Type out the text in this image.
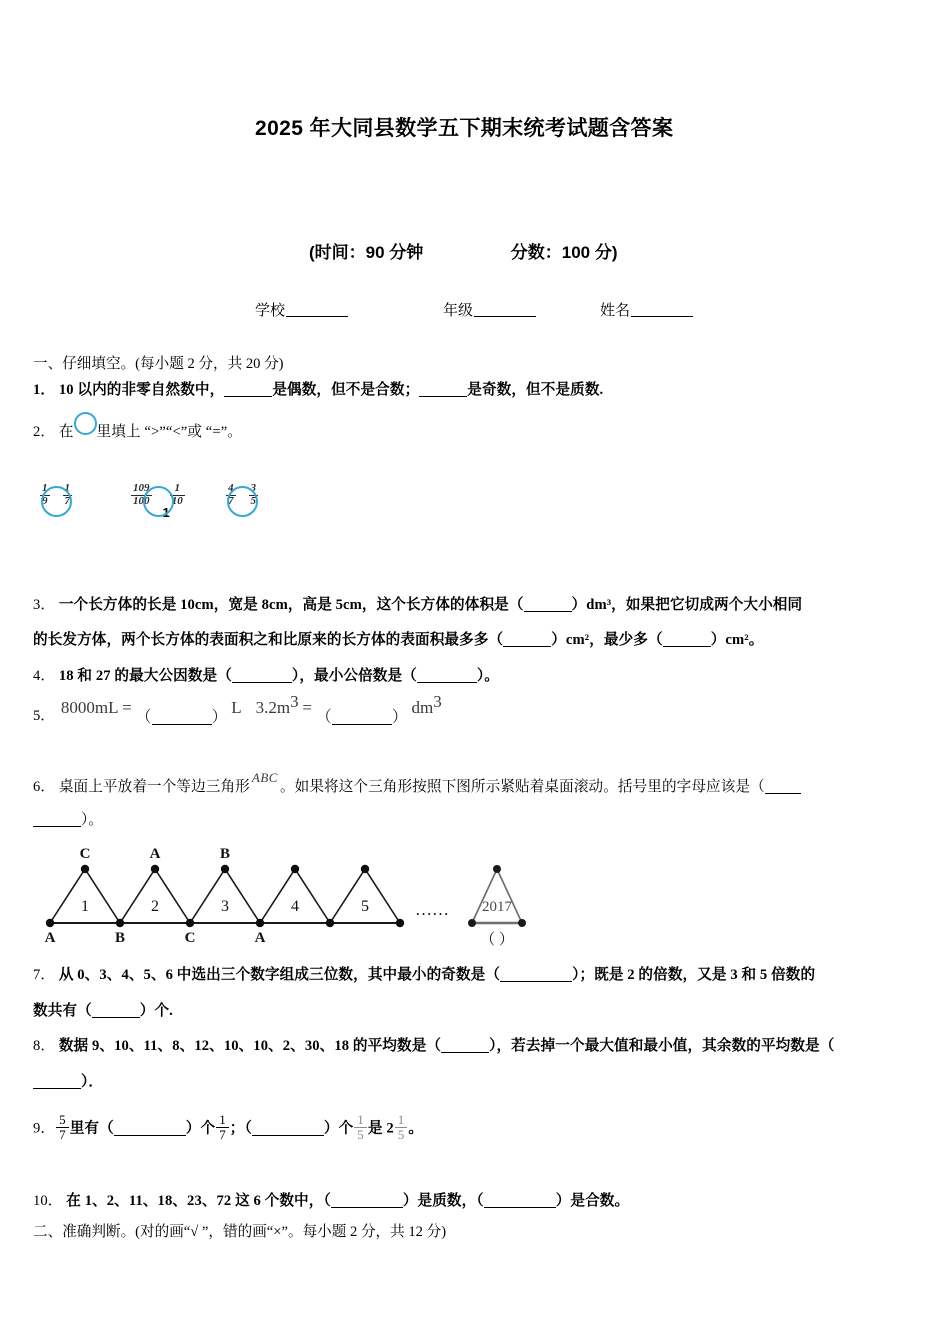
2025 年大同县数学五下期末统考试题含答案
(时间：90 分钟	分数：100 分)
学校	年级	姓名
一、仔细填空。(每小题 2 分，共 20 分)
1． 10 以内的非零自然数中，	是偶数，但不是合数；	是奇数，但不是质数.
2． 在 里填上 “>”“<”或 “=”。
$\frac{1}{9} \frac{1}{7}$	$\frac{109}{100}$
1
$\frac{1}{10}$	$\frac{4}{7} \frac{3}{5}$
3． 一个长方体的长是 10cm，宽是 8cm，高是 5cm，这个长方体的体积是（	）dm³，如果把它切成两个大小相同
的长发方体，两个长方体的表面积之和比原来的长方体的表面积最多多（	）cm²，最少多（	）cm²。
4． 18 和 27 的最大公因数是（	），最小公倍数是（	）。
5． 8000mL = （	） L $3.2m^3$ = （	） $dm^3$
6． 桌面上平放着一个等边三角形ABC。如果将这个三角形按照下图所示紧贴着桌面滚动。括号里的字母应该是（
）。
C	A	B
A	B	C	A
1	2	3	4	5	…… 2017
（ ）
7． 从 0、3、4、5、6 中选出三个数字组成三位数，其中最小的奇数是（	）；既是 2 的倍数，又是 3 和 5 倍数的
数共有（	）个.
8． 数据 9、10、11、8、12、10、10、2、30、18 的平均数是（	），若去掉一个最大值和最小值，其余数的平均数是（
）．
9． $\frac{5}{7}$ 里有（	）个 $\frac{1}{7}$ ；（	）个 $\frac{1}{5}$ 是 $2 \frac{1}{5}$ 。
10． 在 1、2、11、18、23、72 这 6 个数中，（	）是质数，（	）是合数。
二、准确判断。(对的画“√ ”，错的画“×”。每小题 2 分，共 12 分)
